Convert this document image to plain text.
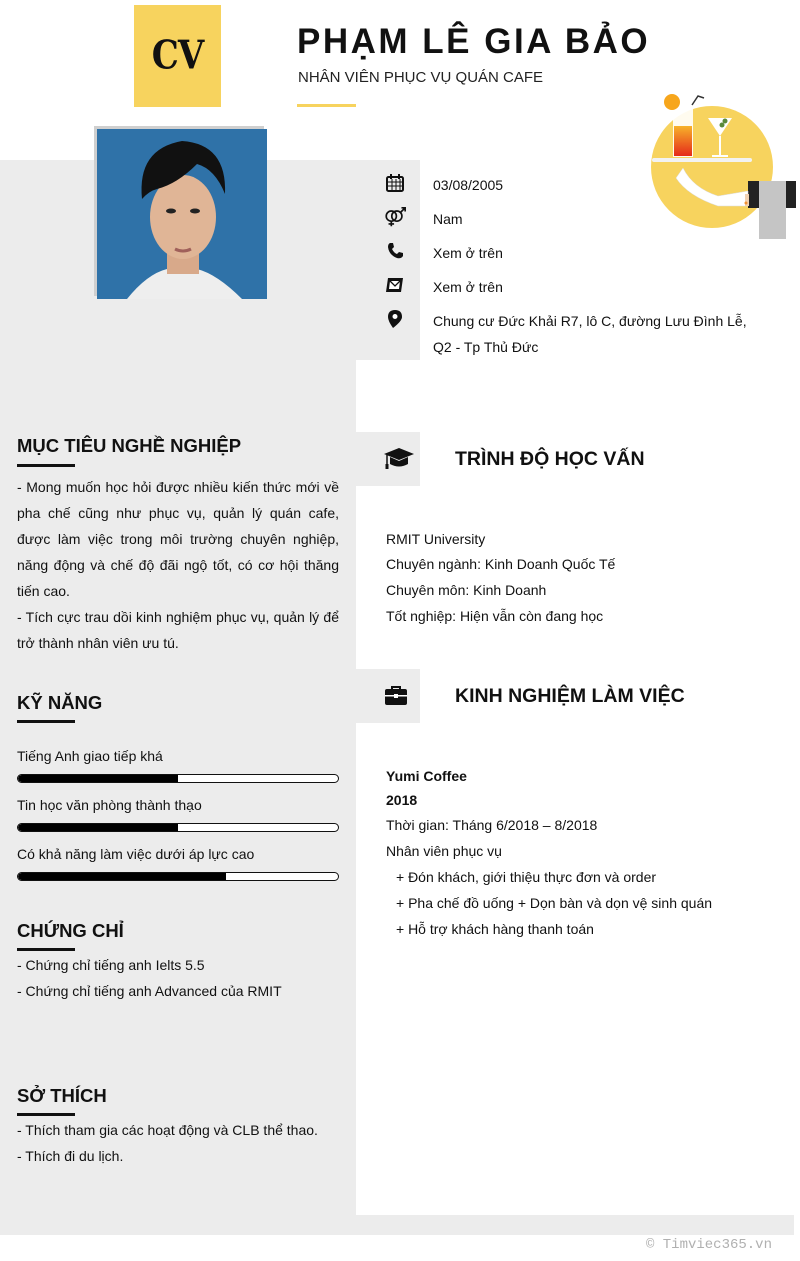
CV	PHẠM LÊ GIA BẢO
NHÂN VIÊN PHỤC VỤ QUÁN CAFE
03/08/2005
Nam
Xem ở trên
Xem ở trên
Chung cư Đức Khải R7, lô C, đường Lưu Đình Lễ, Q2 - Tp Thủ Đức
MỤC TIÊU NGHỀ NGHIỆP
- Mong muốn học hỏi được nhiều kiến thức mới về pha chế cũng như phục vụ, quản lý quán cafe, được làm việc trong môi trường chuyên nghiệp, năng động và chế độ đãi ngộ tốt, có cơ hội thăng tiến cao.
- Tích cực trau dồi kinh nghiệm phục vụ, quản lý để trở thành nhân viên ưu tú.
KỸ NĂNG
Tiếng Anh giao tiếp khá
Tin học văn phòng thành thạo
Có khả năng làm việc dưới áp lực cao
CHỨNG CHỈ
- Chứng chỉ tiếng anh Ielts 5.5
- Chứng chỉ tiếng anh Advanced của RMIT
SỞ THÍCH
- Thích tham gia các hoạt động và CLB thể thao.
- Thích đi du lịch.
TRÌNH ĐỘ HỌC VẤN
RMIT University
Chuyên ngành: Kinh Doanh Quốc Tế
Chuyên môn: Kinh Doanh
Tốt nghiệp: Hiện vẫn còn đang học
KINH NGHIỆM LÀM VIỆC
Yumi Coffee
2018
Thời gian: Tháng 6/2018 – 8/2018
Nhân viên phục vụ
+ Đón khách, giới thiệu thực đơn và order
+ Pha chế đồ uống + Dọn bàn và dọn vệ sinh quán
+ Hỗ trợ khách hàng thanh toán
© Timviec365.vn
